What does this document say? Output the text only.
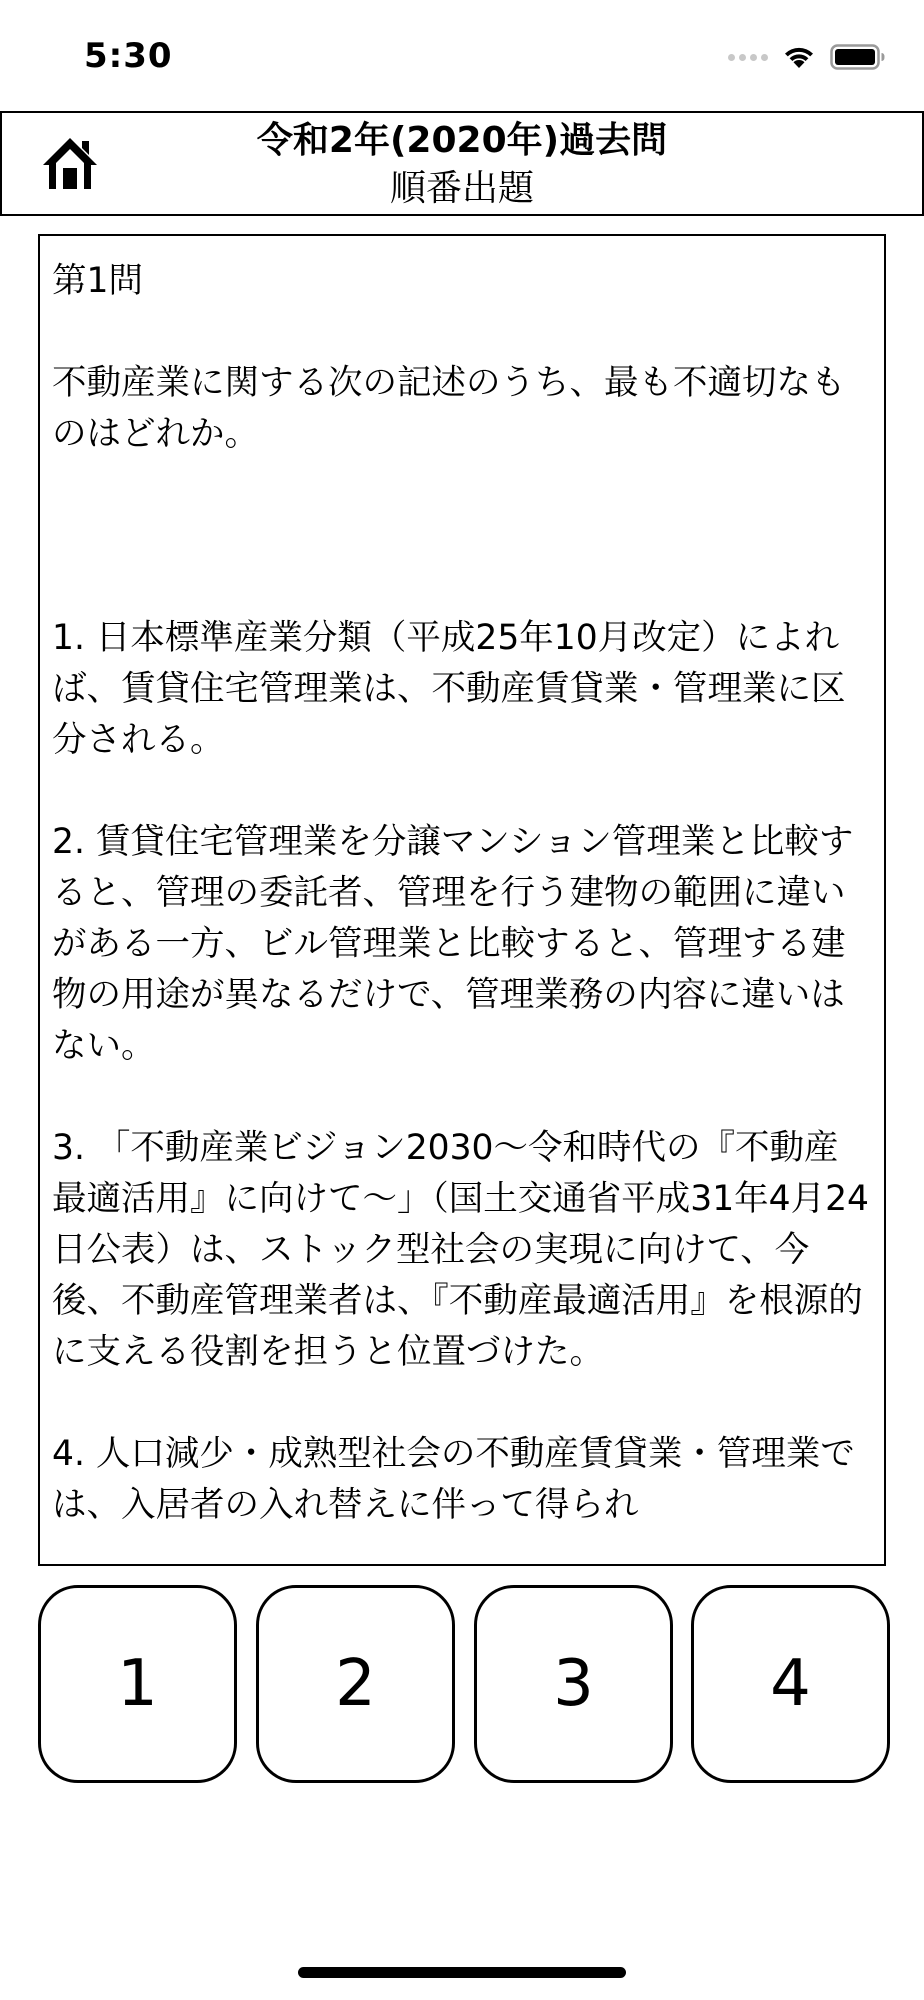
5:30
令和2年(2020年)過去問
順番出題
第1問

不動産業に関する次の記述のうち、最も不適切なものはどれか。

1. 日本標準産業分類（平成25年10月改定）によれば、賃貸住宅管理業は、不動産賃貸業・管理業に区分される。

2. 賃貸住宅管理業を分譲マンション管理業と比較すると、管理の委託者、管理を行う建物の範囲に違いがある一方、ビル管理業と比較すると、管理する建物の用途が異なるだけで、管理業務の内容に違いはない。

3. 「不動産業ビジョン2030〜令和時代の『不動産最適活用』に向けて〜」（国土交通省平成31年4月24日公表）は、ストック型社会の実現に向けて、今後、不動産管理業者は、『不動産最適活用』を根源的に支える役割を担うと位置づけた。

4. 人口減少・成熟型社会の不動産賃貸業・管理業では、入居者の入れ替えに伴って得られ
1	2	3	4
